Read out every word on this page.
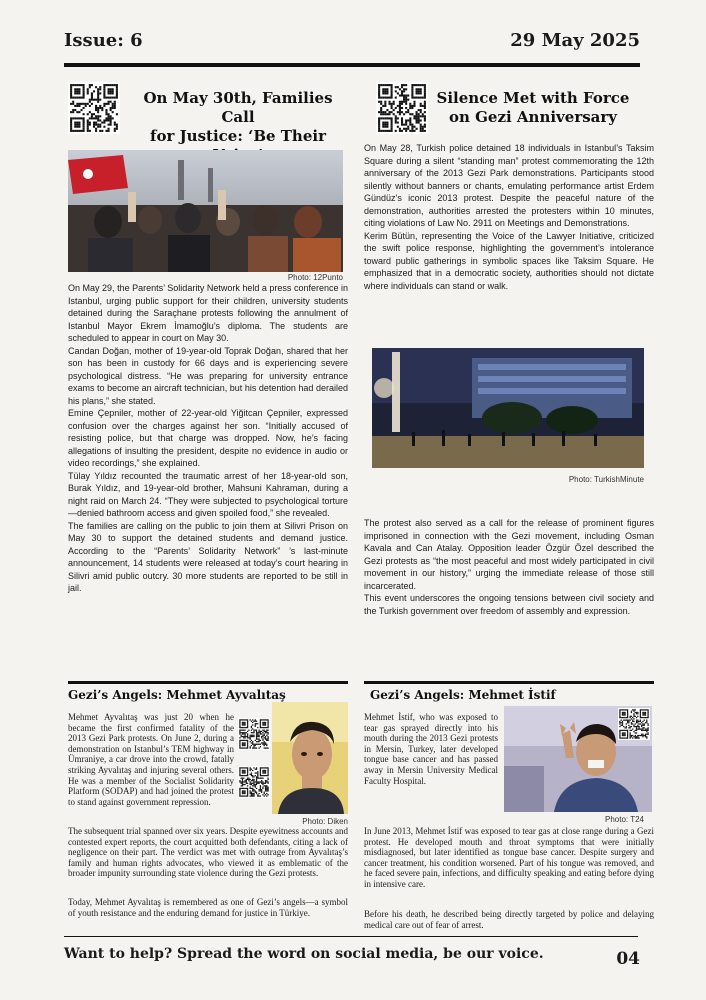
Issue: 6	29 May 2025
On May 30th, Families Call
for Justice: ‘Be Their
Photo: 12Punto

On May 29, the Parents’ Solidarity Network held a press conference in Istanbul, urging public support for their children, university students detained during the Saraçhane protests following the annulment of Istanbul Mayor Ekrem İmamoğlu’s diploma. The students are scheduled to appear in court on May 30.

Candan Doğan, mother of 19-year-old Toprak Doğan, shared that her son has been in custody for 66 days and is experiencing severe psychological distress. “He was preparing for university entrance exams to become an aircraft technician, but his detention had derailed his plans,” she stated.

Emine Çepniler, mother of 22-year-old Yiğitcan Çepniler, expressed confusion over the charges against her son. “Initially accused of resisting police, but that charge was dropped. Now, he’s facing allegations of insulting the president, despite no evidence in audio or video recordings,” she explained.

Tülay Yıldız recounted the traumatic arrest of her 18-year-old son, Burak Yıldız, and 19-year-old brother, Mahsuni Kahraman, during a night raid on March 24. “They were subjected to psychological torture—denied bathroom access and given spoiled food,” she revealed.

The families are calling on the public to join them at Silivri Prison on May 30 to support the detained students and demand justice. According to the “Parents’ Solidarity Network” ’s last-minute announcement, 14 students were released at today’s court hearing in Silivri amid public outcry. 30 more students are reported to be still in jail.

Silence Met with Force
on Gezi Anniversary

On May 28, Turkish police detained 18 individuals in Istanbul’s Taksim Square during a silent “standing man” protest commemorating the 12th anniversary of the 2013 Gezi Park demonstrations. Participants stood silently without banners or chants, emulating performance artist Erdem Gündüz’s iconic 2013 protest. Despite the peaceful nature of the demonstration, authorities arrested the protesters within 10 minutes, citing violations of Law No. 2911 on Meetings and Demonstrations.

Kerim Bütün, representing the Voice of the Lawyer Initiative, criticized the swift police response, highlighting the government’s intolerance toward public gatherings in symbolic spaces like Taksim Square. He emphasized that in a democratic society, authorities should not dictate where individuals can stand or walk.

Photo: TurkishMinute

The protest also served as a call for the release of prominent figures imprisoned in connection with the Gezi movement, including Osman Kavala and Can Atalay. Opposition leader Özgür Özel described the Gezi protests as “the most peaceful and most widely participated in civil movement in our history,” urging the immediate release of those still incarcerated.

This event underscores the ongoing tensions between civil society and the Turkish government over freedom of assembly and expression.

Gezi’s Angels: Mehmet Ayvalıtaş
Mehmet Ayvalıtaş was just 20 when he became the first confirmed fatality of the 2013 Gezi Park protests. On June 2, during a demonstration on Istanbul’s TEM highway in Ümraniye, a car drove into the crowd, fatally striking Ayvalıtaş and injuring several others. He was a member of the Socialist Solidarity Platform (SODAP) and had joined the protest to stand against government repression.
Photo: Diken
The subsequent trial spanned over six years. Despite eyewitness accounts and contested expert reports, the court acquitted both defendants, citing a lack of negligence on their part. The verdict was met with outrage from Ayvalıtaş’s family and human rights advocates, who viewed it as emblematic of the broader impunity surrounding state violence during the Gezi protests.
Today, Mehmet Ayvalıtaş is remembered as one of Gezi’s angels—a symbol of youth resistance and the enduring demand for justice in Türkiye.
Gezi’s Angels: Mehmet İstif
Mehmet İstif, who was exposed to tear gas sprayed directly into his mouth during the 2013 Gezi protests in Mersin, Turkey, later developed tongue base cancer and has passed away in Mersin University Medical Faculty Hospital.
Photo: T24
In June 2013, Mehmet İstif was exposed to tear gas at close range during a Gezi protest. He developed mouth and throat symptoms that were initially misdiagnosed, but later identified as tongue base cancer. Despite surgery and cancer treatment, his condition worsened. Part of his tongue was removed, and he faced severe pain, infections, and difficulty speaking and eating before dying in intensive care.
Before his death, he described being directly targeted by police and delaying medical care out of fear of arrest.
Want to help? Spread the word on social media, be our voice.	04
